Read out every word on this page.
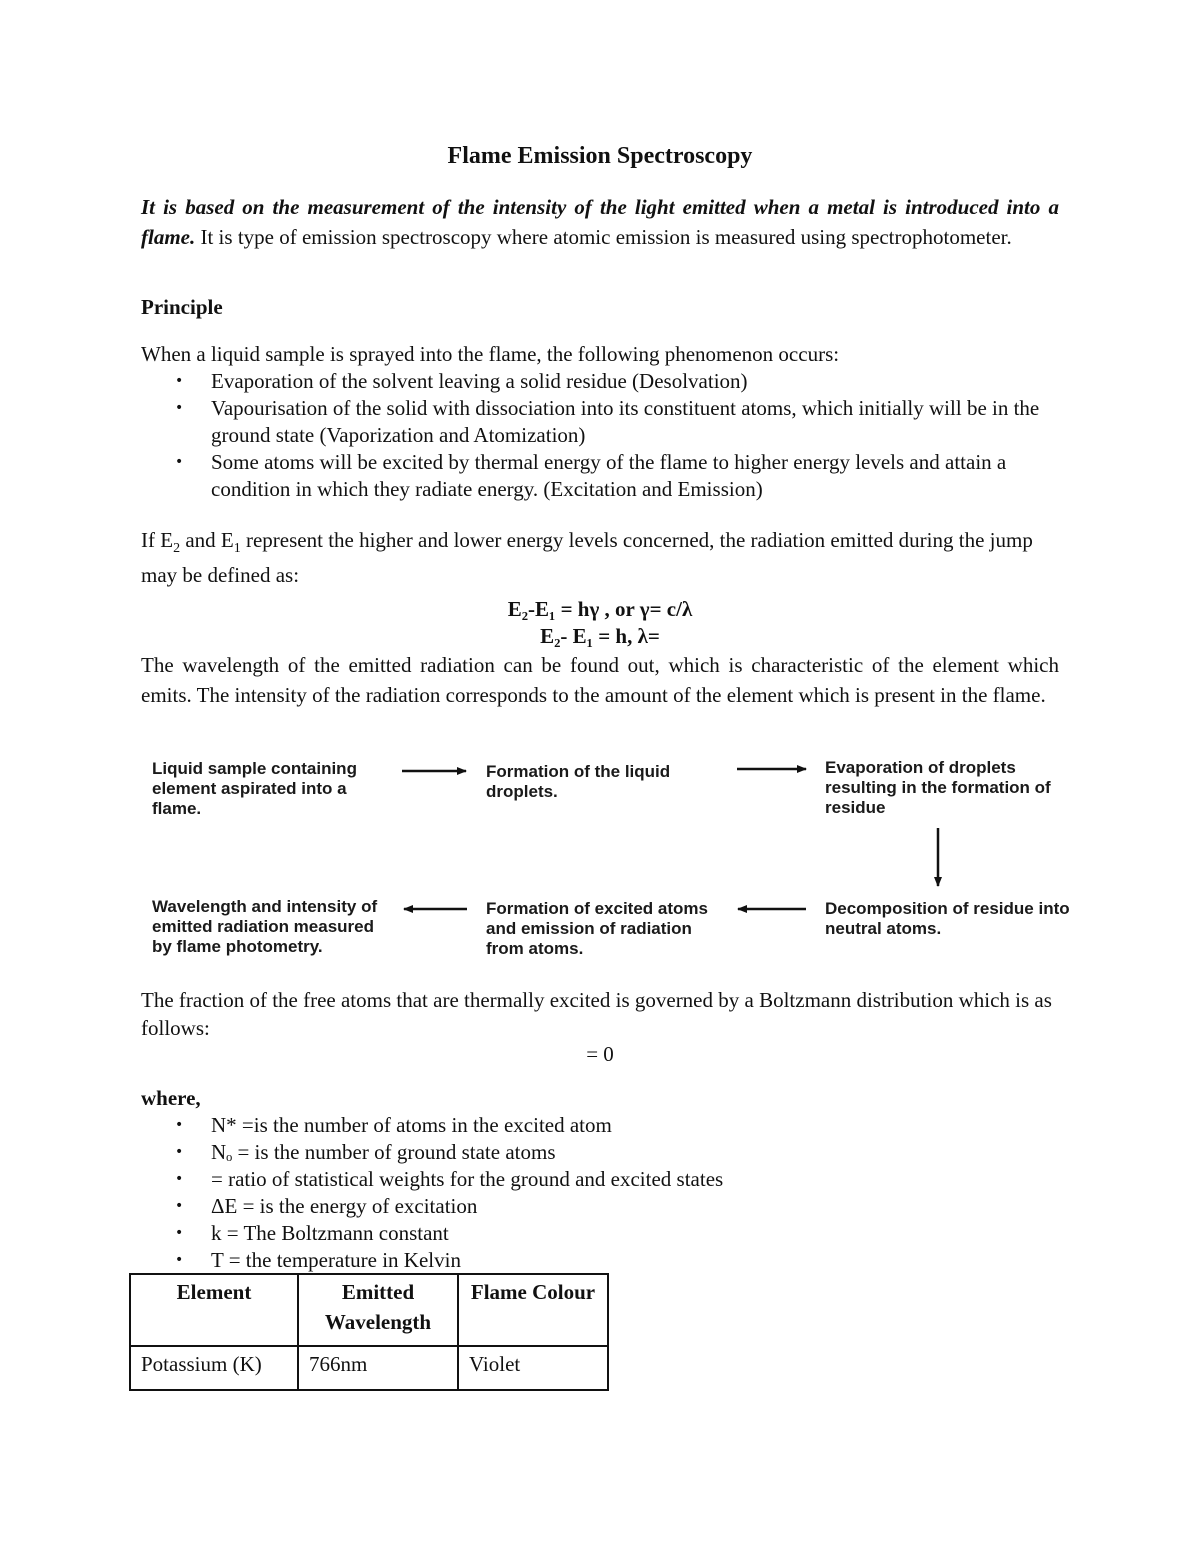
Flame Emission Spectroscopy
It is based on the measurement of the intensity of the light emitted when a metal is introduced into a flame. It is type of emission spectroscopy where atomic emission is measured using spectrophotometer.
Principle
When a liquid sample is sprayed into the flame, the following phenomenon occurs:
• Evaporation of the solvent leaving a solid residue (Desolvation)
• Vapourisation of the solid with dissociation into its constituent atoms, which initially will be in the ground state (Vaporization and Atomization)
• Some atoms will be excited by thermal energy of the flame to higher energy levels and attain a condition in which they radiate energy. (Excitation and Emission)
If $E_2$ and $E_1$ represent the higher and lower energy levels concerned, the radiation emitted during the jump may be defined as:
E₂-E₁ = hγ , or γ= c/λ
E₂- E₁ = h, λ=
The wavelength of the emitted radiation can be found out, which is characteristic of the element which emits. The intensity of the radiation corresponds to the amount of the element which is present in the flame.
Liquid sample containing element aspirated into a flame.
Formation of the liquid droplets.
Evaporation of droplets resulting in the formation of residue
Decomposition of residue into neutral atoms.
Formation of excited atoms and emission of radiation from atoms.
Wavelength and intensity of emitted radiation measured by flame photometry.
The fraction of the free atoms that are thermally excited is governed by a Boltzmann distribution which is as follows:
= 0
where,
• N* =is the number of atoms in the excited atom
• Nₒ = is the number of ground state atoms
• = ratio of statistical weights for the ground and excited states
• ΔE = is the energy of excitation
• k = The Boltzmann constant
• T = the temperature in Kelvin
Element	Emitted Wavelength	Flame Colour
Potassium (K)	766nm	Violet
